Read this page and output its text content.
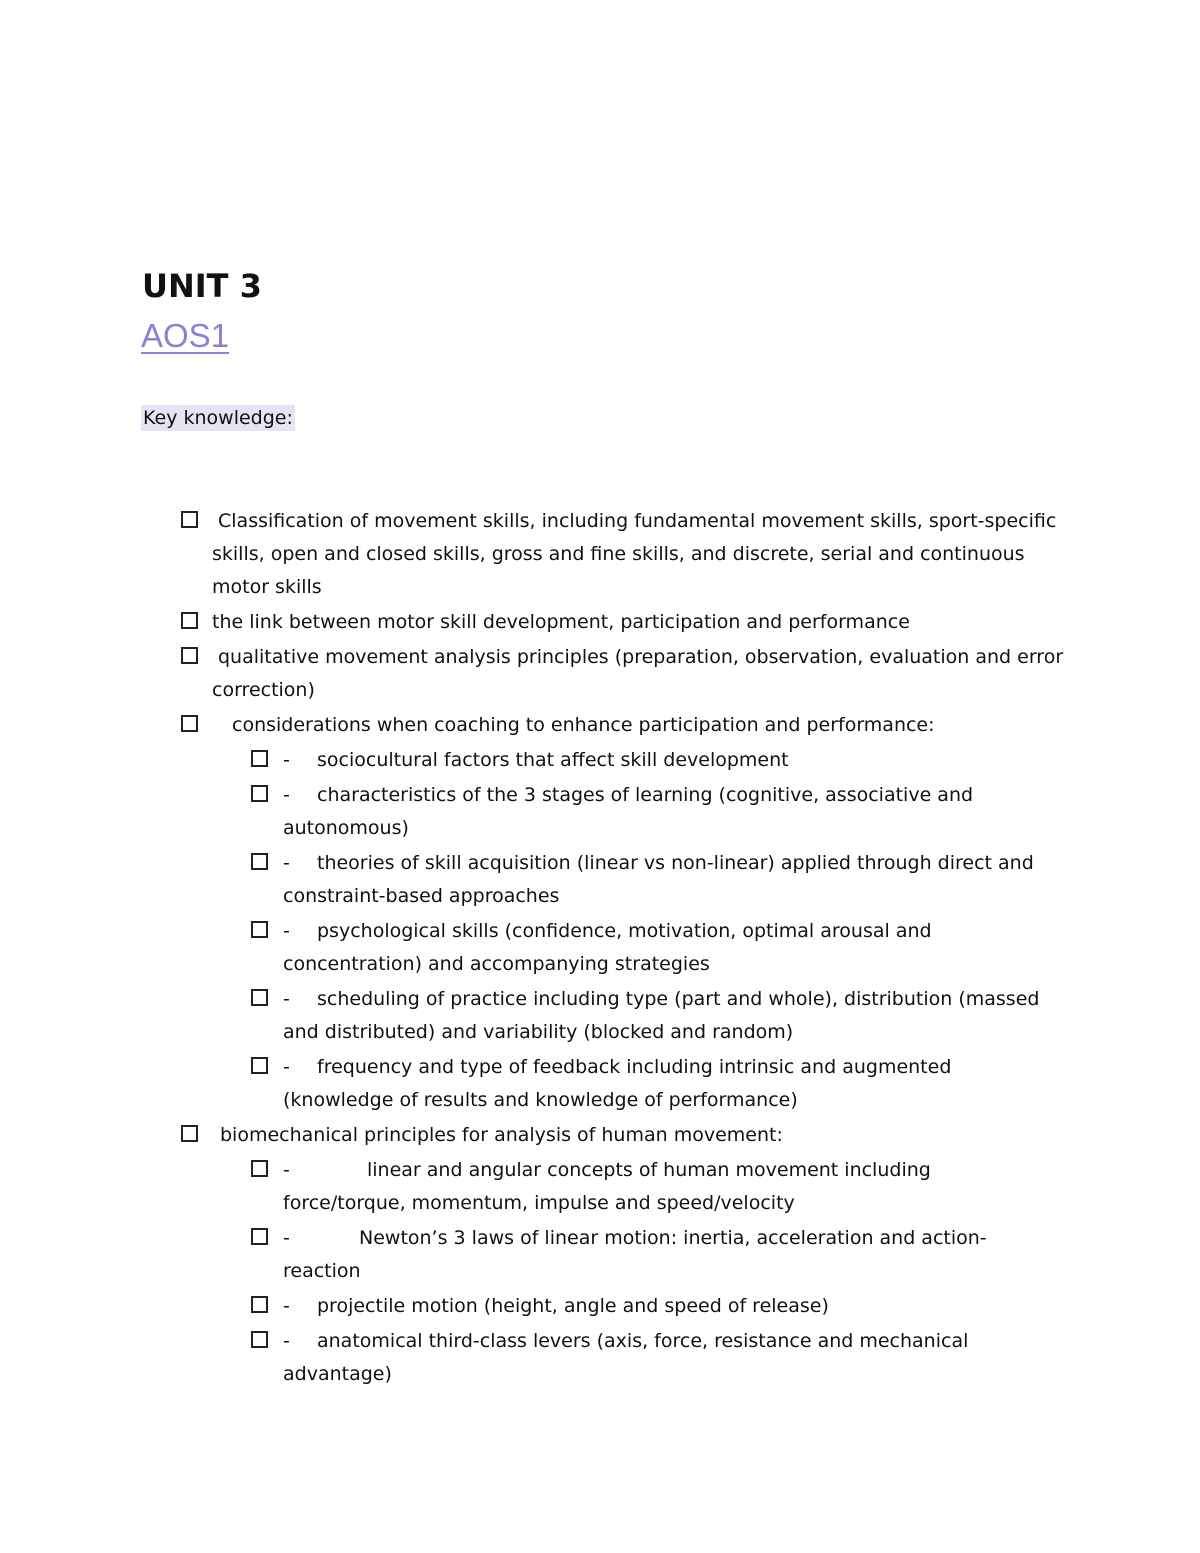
UNIT 3
AOS1
Key knowledge:
Classification of movement skills, including fundamental movement skills, sport-specific skills, open and closed skills, gross and fine skills, and discrete, serial and continuous motor skills
the link between motor skill development, participation and performance
qualitative movement analysis principles (preparation, observation, evaluation and error correction)
considerations when coaching to enhance participation and performance:
- sociocultural factors that affect skill development
- characteristics of the 3 stages of learning (cognitive, associative and autonomous)
- theories of skill acquisition (linear vs non-linear) applied through direct and constraint-based approaches
- psychological skills (confidence, motivation, optimal arousal and concentration) and accompanying strategies
- scheduling of practice including type (part and whole), distribution (massed and distributed) and variability (blocked and random)
- frequency and type of feedback including intrinsic and augmented (knowledge of results and knowledge of performance)
biomechanical principles for analysis of human movement:
-	linear and angular concepts of human movement including force/torque, momentum, impulse and speed/velocity
-	Newton’s 3 laws of linear motion: inertia, acceleration and action-reaction
- projectile motion (height, angle and speed of release)
- anatomical third-class levers (axis, force, resistance and mechanical advantage)
